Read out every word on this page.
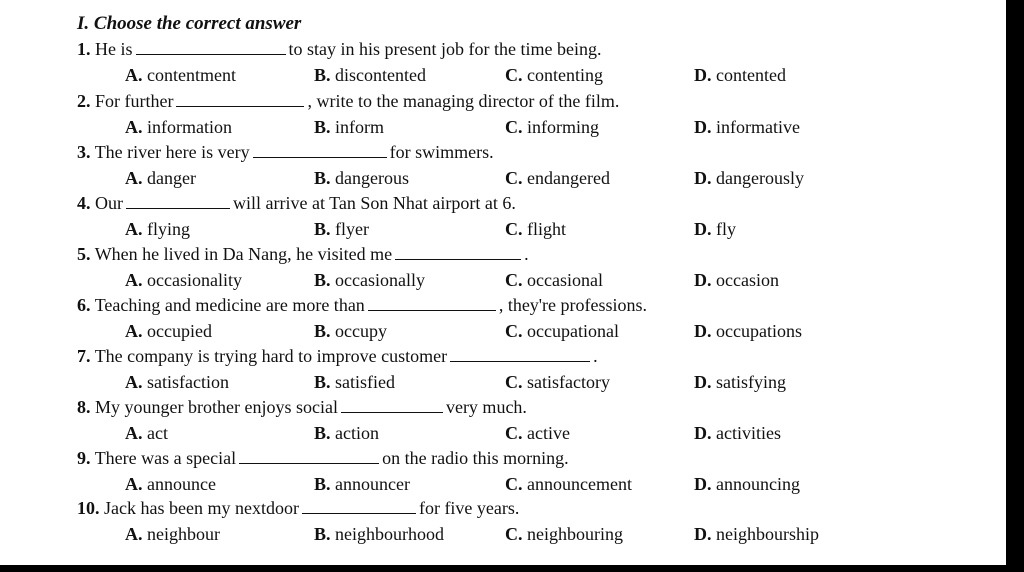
I. Choose the correct answer
1. He is	to stay in his present job for the time being.
A. contentment	B. discontented	C. contenting	D. contented
2. For further	, write to the managing director of the film.
A. information	B. inform	C. informing	D. informative
3. The river here is very	for swimmers.
A. danger	B. dangerous	C. endangered	D. dangerously
4. Our	will arrive at Tan Son Nhat airport at 6.
A. flying	B. flyer	C. flight	D. fly
5. When he lived in Da Nang, he visited me	.
A. occasionality	B. occasionally	C. occasional	D. occasion
6. Teaching and medicine are more than	, they're professions.
A. occupied	B. occupy	C. occupational	D. occupations
7. The company is trying hard to improve customer	.
A. satisfaction	B. satisfied	C. satisfactory	D. satisfying
8. My younger brother enjoys social	very much.
A. act	B. action	C. active	D. activities
9. There was a special	on the radio this morning.
A. announce	B. announcer	C. announcement	D. announcing
10. Jack has been my nextdoor	for five years.
A. neighbour	B. neighbourhood	C. neighbouring	D. neighbourship
